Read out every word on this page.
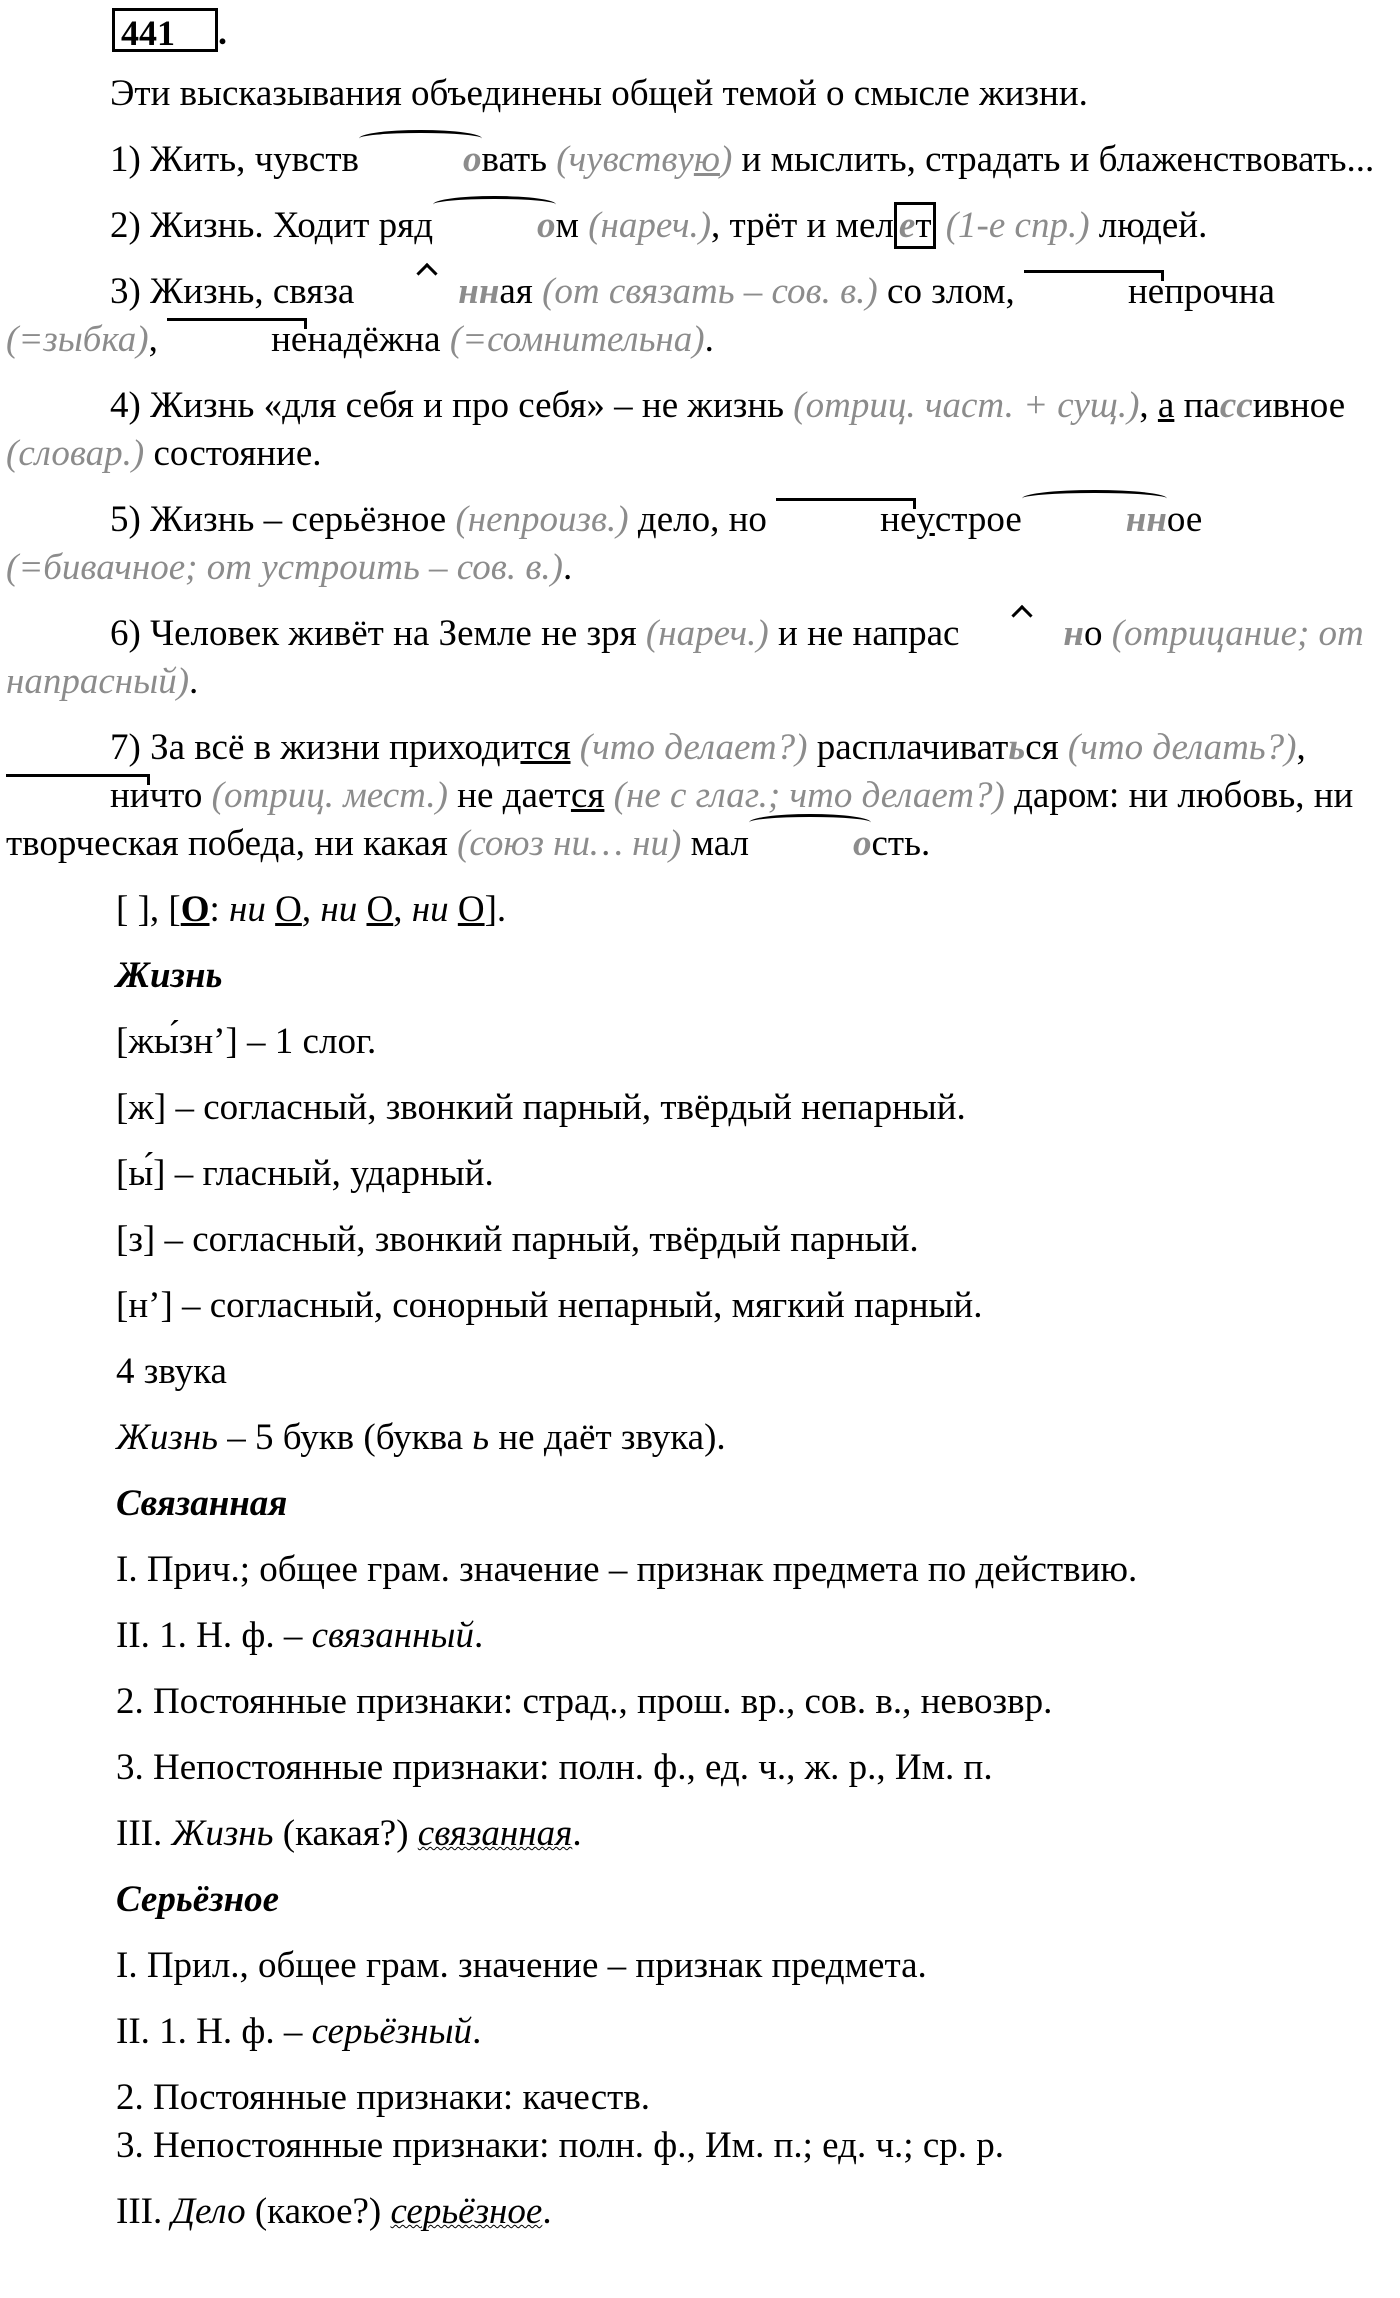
441	.

Эти высказывания объединены общей темой о смысле жизни.

1) Жить, чувств	овать (чувствую) и мыслить, страдать и блаженствовать...

2) Жизнь. Ходит ряд	ом (нареч.), трёт и мел ет (1-е спр.) людей.

3) Жизнь, связа	нная (от связать – сов. в.) со злом,	непрочна (=зыбка),	ненадёжна (=сомнительна).

4) Жизнь «для себя и про себя» – не жизнь (отриц. част. + сущ.), а пассивное (словар.) состояние.

5) Жизнь – серьёзное (непроизв.) дело, но	неустрое	нное (=бивачное; от устроить – сов. в.).

6) Человек живёт на Земле не зря (нареч.) и не напрас	но (отрицание; от напрасный).

7) За всё в жизни приходится (что делает?) расплачиваться (что делать?), ничто (отриц. мест.) не дается (не с глаг.; что делает?) даром: ни любовь, ни творческая победа, ни какая (союз ни… ни) мал	ость.

[ ], [О: ни О, ни О, ни О].

Жизнь

[жы́зн’] – 1 слог.

[ж] – согласный, звонкий парный, твёрдый непарный.

[ы́] – гласный, ударный.

[з] – согласный, звонкий парный, твёрдый парный.

[н’] – согласный, сонорный непарный, мягкий парный.

4 звука

Жизнь – 5 букв (буква ь не даёт звука).

Связанная

I. Прич.; общее грам. значение – признак предмета по действию.

II. 1. Н. ф. – связанный.

2. Постоянные признаки: страд., прош. вр., сов. в., невозвр.

3. Непостоянные признаки: полн. ф., ед. ч., ж. р., Им. п.

III. Жизнь (какая?) связанная.

Серьёзное

I. Прил., общее грам. значение – признак предмета.

II. 1. Н. ф. – серьёзный.

2. Постоянные признаки: качеств.

3. Непостоянные признаки: полн. ф., Им. п.; ед. ч.; ср. р.

III. Дело (какое?) серьёзное.
